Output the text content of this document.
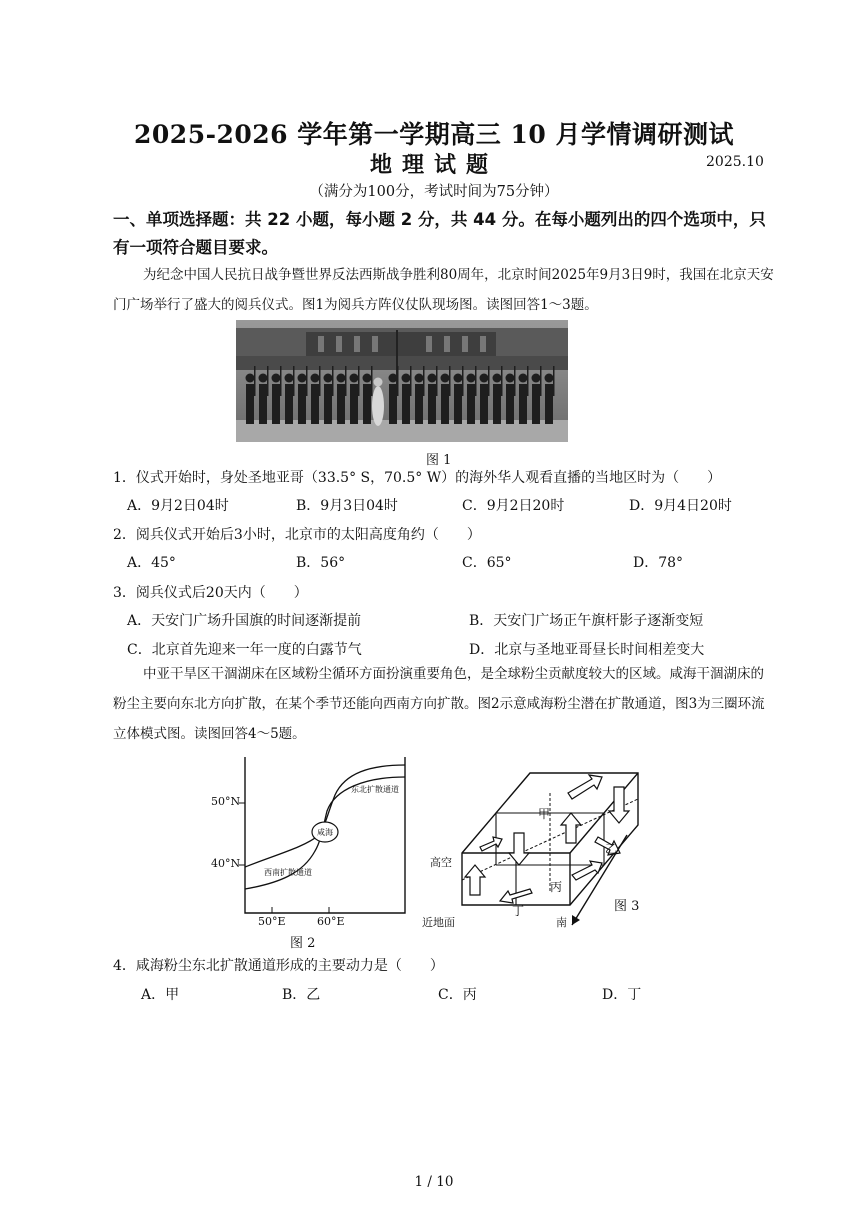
2025-2026 学年第一学期高三 10 月学情调研测试
地理试题	2025.10
（满分为100分，考试时间为75分钟）
一、单项选择题：共 22 小题，每小题 2 分，共 44 分。在每小题列出的四个选项中，只有一项符合题目要求。
为纪念中国人民抗日战争暨世界反法西斯战争胜利80周年，北京时间2025年9月3日9时，我国在北京天安门广场举行了盛大的阅兵仪式。图1为阅兵方阵仪仗队现场图。读图回答1～3题。
图 1
1．仪式开始时，身处圣地亚哥（33.5° S，70.5° W）的海外华人观看直播的当地区时为（　　）
A．9月2日04时	B．9月3日04时	C．9月2日20时	D．9月4日20时
2．阅兵仪式开始后3小时，北京市的太阳高度角约（　　）
A．45°	B．56°	C．65°	D．78°
3．阅兵仪式后20天内（　　）
A．天安门广场升国旗的时间逐渐提前	B．天安门广场正午旗杆影子逐渐变短
C．北京首先迎来一年一度的白露节气	D．北京与圣地亚哥昼长时间相差变大
中亚干旱区干涸湖床在区域粉尘循环方面扮演重要角色，是全球粉尘贡献度较大的区域。咸海干涸湖床的粉尘主要向东北方向扩散，在某个季节还能向西南方向扩散。图2示意咸海粉尘潜在扩散通道，图3为三圈环流立体模式图。读图回答4～5题。
50°N
40°N
50°E	60°E
东北扩散通道
西南扩散通道
咸海
图 2
甲
乙
丙
丁
高空
近地面	南
图 3
4．咸海粉尘东北扩散通道形成的主要动力是（　　）
A．甲	B．乙	C．丙	D．丁
1 / 10
